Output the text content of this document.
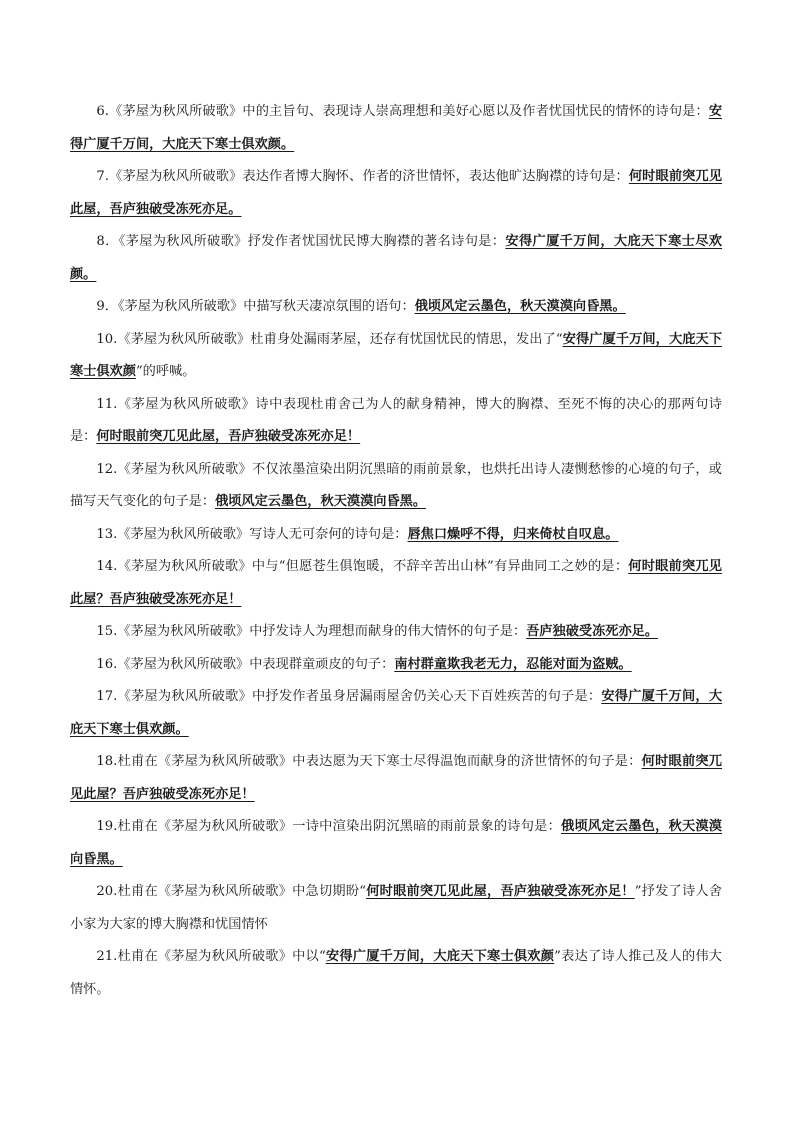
6.《茅屋为秋风所破歌》中的主旨句、表现诗人崇高理想和美好心愿以及作者忧国忧民的情怀的诗句是：安得广厦千万间，大庇天下寒士俱欢颜。

7.《茅屋为秋风所破歌》表达作者博大胸怀、作者的济世情怀，表达他旷达胸襟的诗句是：何时眼前突兀见此屋，吾庐独破受冻死亦足。

8．《茅屋为秋风所破歌》抒发作者忧国忧民博大胸襟的著名诗句是：安得广厦千万间，大庇天下寒士尽欢颜。

9．《茅屋为秋风所破歌》中描写秋天凄凉氛围的语句：俄顷风定云墨色，秋天漠漠向昏黑。

10.《茅屋为秋风所破歌》杜甫身处漏雨茅屋，还存有忧国忧民的情思，发出了“安得广厦千万间，大庇天下寒士俱欢颜”的呼喊。

11.《茅屋为秋风所破歌》诗中表现杜甫舍己为人的献身精神，博大的胸襟、至死不悔的决心的那两句诗是：何时眼前突兀见此屋，吾庐独破受冻死亦足！

12.《茅屋为秋风所破歌》不仅浓墨渲染出阴沉黑暗的雨前景象，也烘托出诗人凄恻愁惨的心境的句子，或描写天气变化的句子是：俄顷风定云墨色，秋天漠漠向昏黑。

13.《茅屋为秋风所破歌》写诗人无可奈何的诗句是：唇焦口燥呼不得，归来倚杖自叹息。

14.《茅屋为秋风所破歌》中与“但愿苍生俱饱暖，不辞辛苦出山林”有异曲同工之妙的是：何时眼前突兀见此屋？吾庐独破受冻死亦足！

15.《茅屋为秋风所破歌》中抒发诗人为理想而献身的伟大情怀的句子是：吾庐独破受冻死亦足。

16.《茅屋为秋风所破歌》中表现群童顽皮的句子：南村群童欺我老无力，忍能对面为盗贼。

17.《茅屋为秋风所破歌》中抒发作者虽身居漏雨屋舍仍关心天下百姓疾苦的句子是：安得广厦千万间，大庇天下寒士俱欢颜。

18.杜甫在《茅屋为秋风所破歌》中表达愿为天下寒士尽得温饱而献身的济世情怀的句子是：何时眼前突兀见此屋？吾庐独破受冻死亦足！

19.杜甫在《茅屋为秋风所破歌》一诗中渲染出阴沉黑暗的雨前景象的诗句是：俄顷风定云墨色，秋天漠漠向昏黑。

20.杜甫在《茅屋为秋风所破歌》中急切期盼“何时眼前突兀见此屋，吾庐独破受冻死亦足！”抒发了诗人舍小家为大家的博大胸襟和忧国情怀

21.杜甫在《茅屋为秋风所破歌》中以“安得广厦千万间，大庇天下寒士俱欢颜”表达了诗人推己及人的伟大情怀。
